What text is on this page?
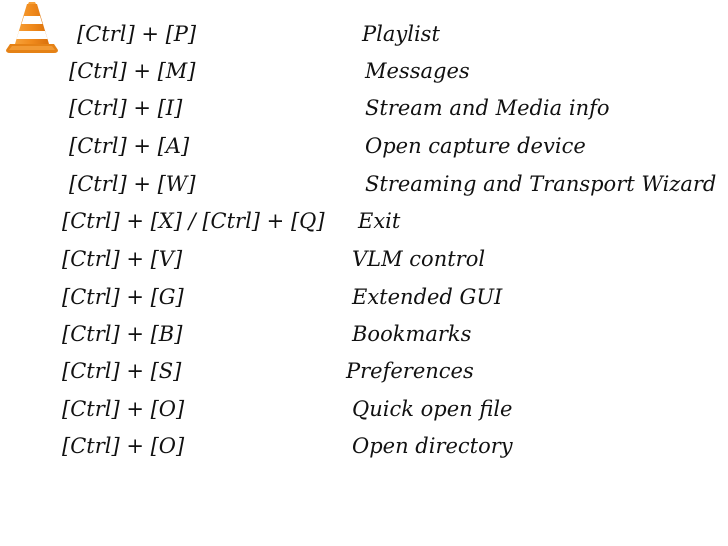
[Ctrl] + [P]	Playlist
[Ctrl] + [M]	Messages
[Ctrl] + [I]	Stream and Media info
[Ctrl] + [A]	Open capture device
[Ctrl] + [W]	Streaming and Transport Wizard
[Ctrl] + [X] / [Ctrl] + [Q] Exit
[Ctrl] + [V]	VLM control
[Ctrl] + [G]	Extended GUI
[Ctrl] + [B]	Bookmarks
[Ctrl] + [S]	Preferences
[Ctrl] + [O]	Quick open file
[Ctrl] + [O]	Open directory
